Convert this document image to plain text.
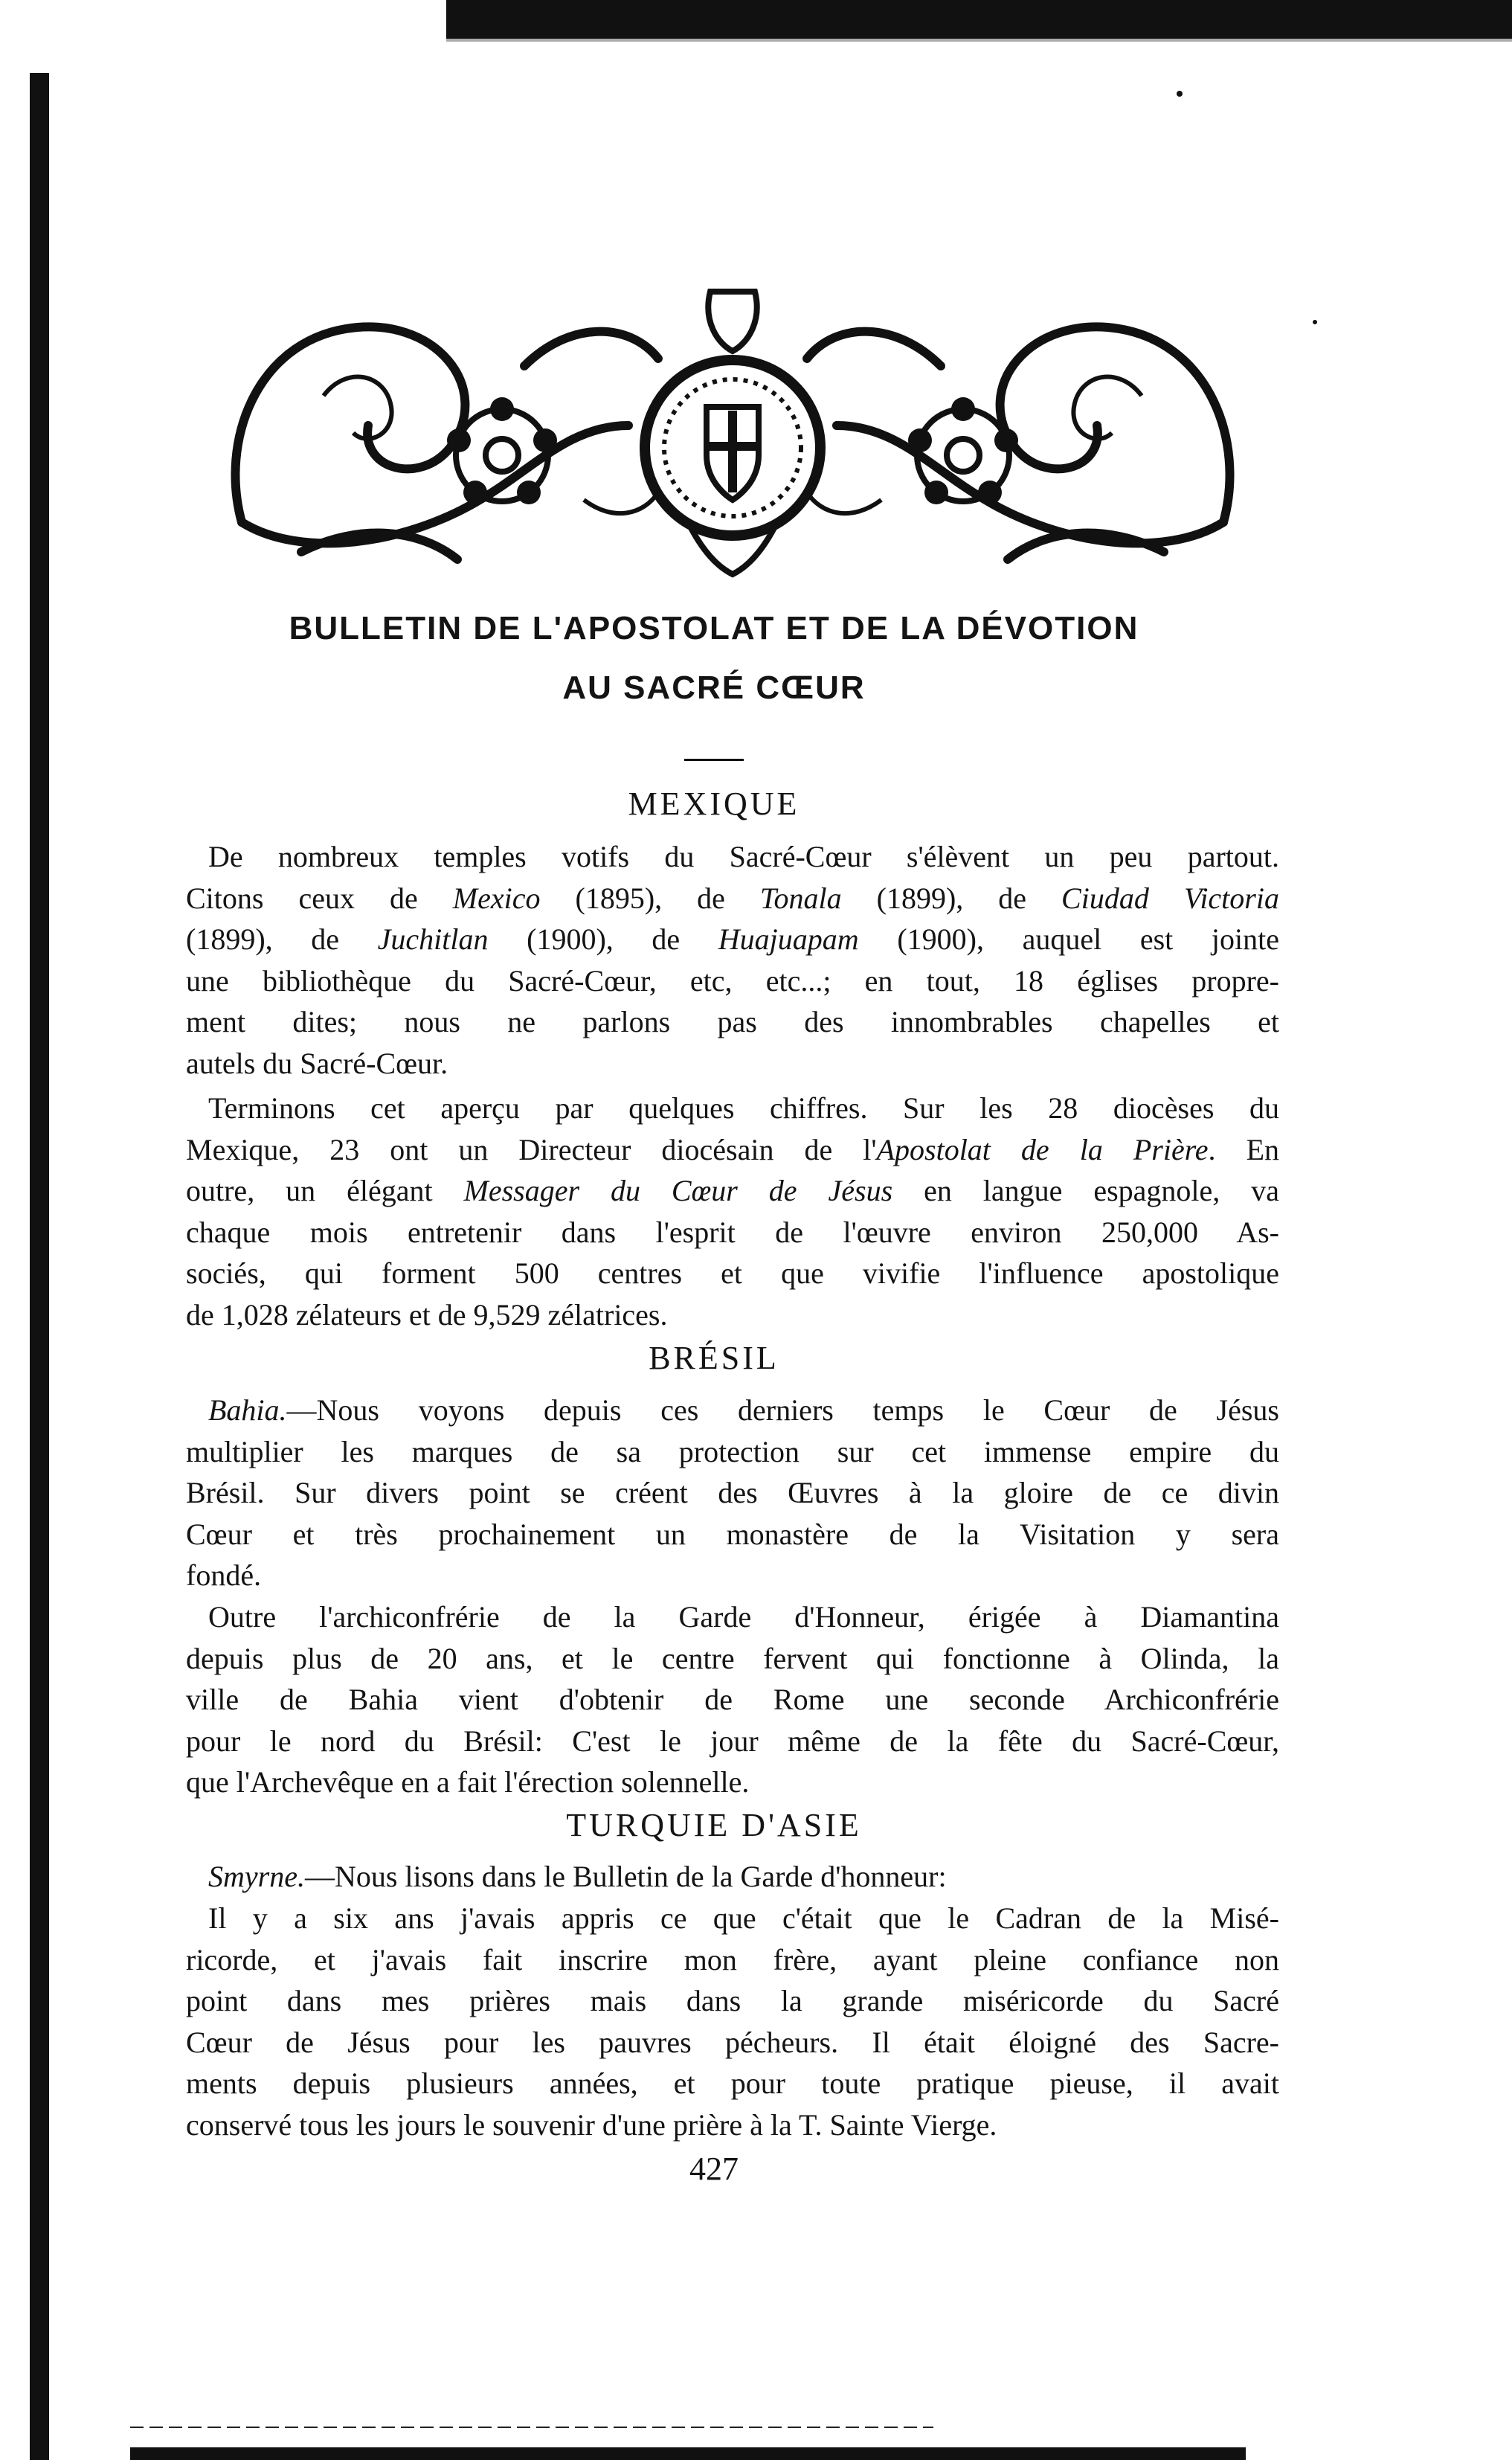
BULLETIN DE L'APOSTOLAT ET DE LA DÉVOTION
AU SACRÉ CŒUR
MEXIQUE
De nombreux temples votifs du Sacré-Cœur s'élèvent un peu partout.
Citons ceux de Mexico (1895), de Tonala (1899), de Ciudad Victoria
(1899), de Juchitlan (1900), de Huajuapam (1900), auquel est jointe
une bibliothèque du Sacré-Cœur, etc, etc...; en tout, 18 églises propre-
ment dites; nous ne parlons pas des innombrables chapelles et
autels du Sacré-Cœur.
Terminons cet aperçu par quelques chiffres. Sur les 28 diocèses du
Mexique, 23 ont un Directeur diocésain de l'Apostolat de la Prière. En
outre, un élégant Messager du Cœur de Jésus en langue espagnole, va
chaque mois entretenir dans l'esprit de l'œuvre environ 250,000 As-
sociés, qui forment 500 centres et que vivifie l'influence apostolique
de 1,028 zélateurs et de 9,529 zélatrices.
BRÉSIL
Bahia.—Nous voyons depuis ces derniers temps le Cœur de Jésus
multiplier les marques de sa protection sur cet immense empire du
Brésil. Sur divers point se créent des Œuvres à la gloire de ce divin
Cœur et très prochainement un monastère de la Visitation y sera
fondé.
Outre l'archiconfrérie de la Garde d'Honneur, érigée à Diamantina
depuis plus de 20 ans, et le centre fervent qui fonctionne à Olinda, la
ville de Bahia vient d'obtenir de Rome une seconde Archiconfrérie
pour le nord du Brésil: C'est le jour même de la fête du Sacré-Cœur,
que l'Archevêque en a fait l'érection solennelle.
TURQUIE D'ASIE
Smyrne.—Nous lisons dans le Bulletin de la Garde d'honneur:
Il y a six ans j'avais appris ce que c'était que le Cadran de la Misé-
ricorde, et j'avais fait inscrire mon frère, ayant pleine confiance non
point dans mes prières mais dans la grande miséricorde du Sacré
Cœur de Jésus pour les pauvres pécheurs. Il était éloigné des Sacre-
ments depuis plusieurs années, et pour toute pratique pieuse, il avait
conservé tous les jours le souvenir d'une prière à la T. Sainte Vierge.
427
